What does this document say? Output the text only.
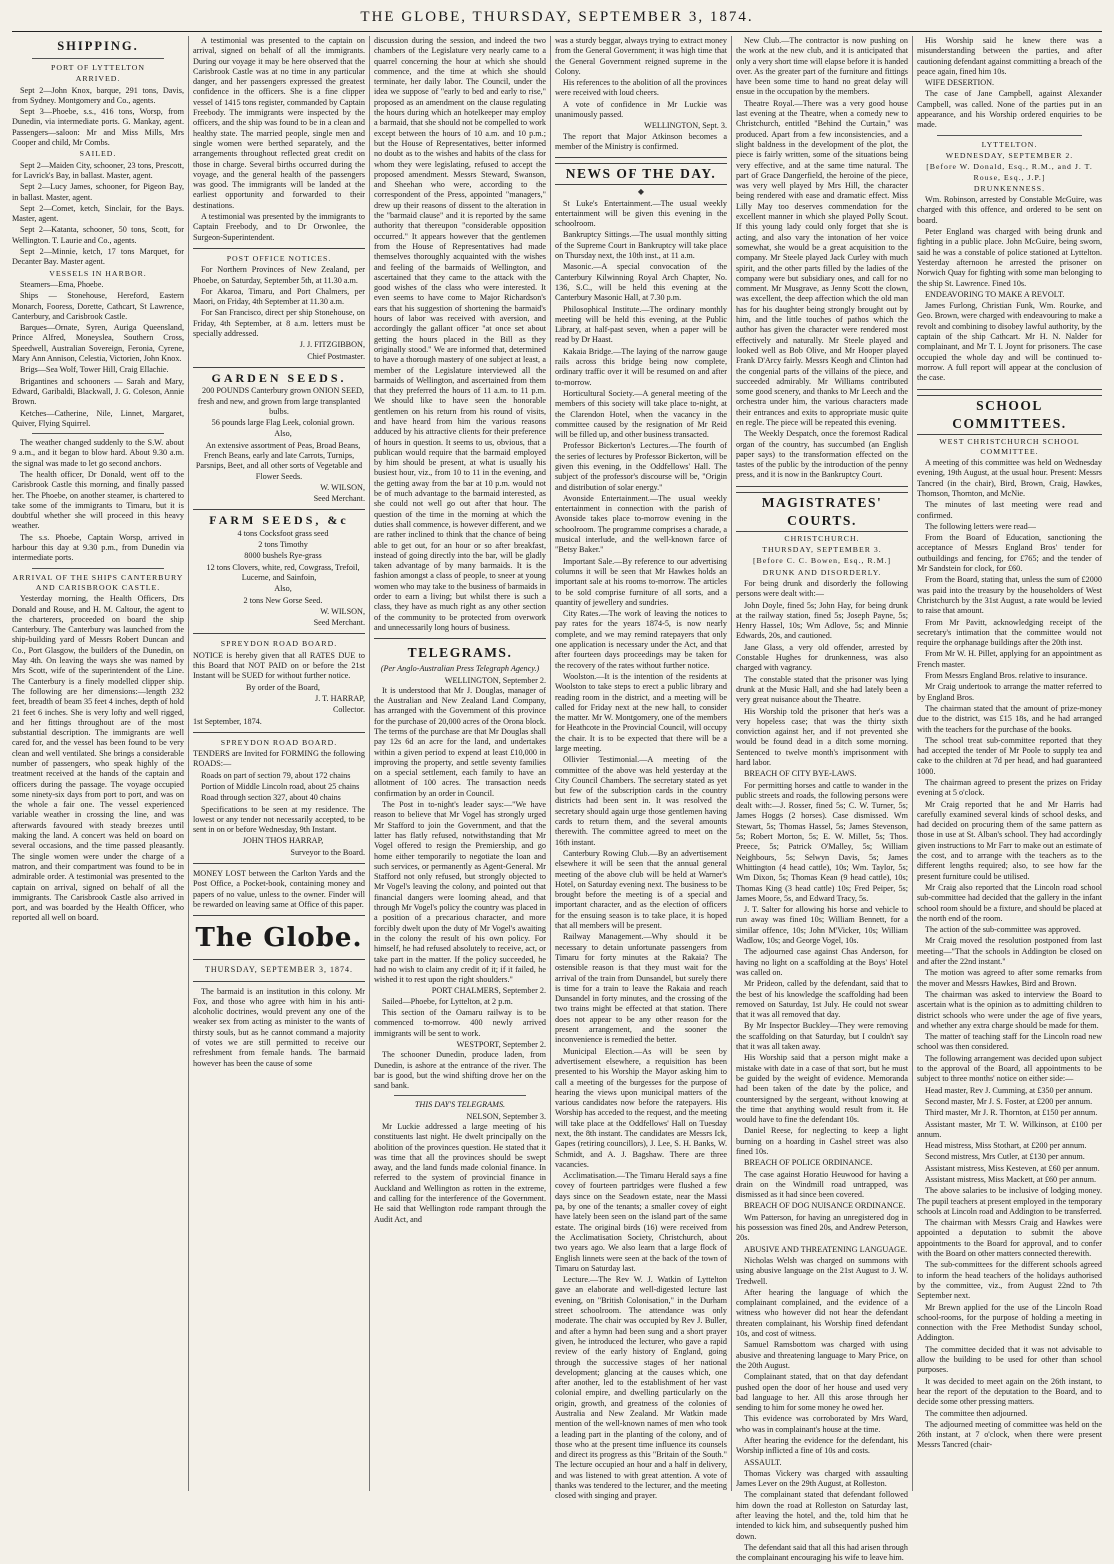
THE GLOBE, THURSDAY, SEPTEMBER 3, 1874.
SHIPPING.
PORT OF LYTTELTON
ARRIVED.

Sept 2—John Knox, barque, 291 tons, Davis, from Sydney. Montgomery and Co., agents.

Sept 3—Phoebe, s.s., 416 tons, Worsp, from Dunedin, via intermediate ports. G. Mankay, agent. Passengers—saloon: Mr and Miss Mills, Mrs Cooper and child, Mr Combs.

SAILED.

Sept 2—Maiden City, schooner, 23 tons, Prescott, for Lavrick's Bay, in ballast. Master, agent.

Sept 2—Lucy James, schooner, for Pigeon Bay, in ballast. Master, agent.

Sept 2—Comet, ketch, Sinclair, for the Bays. Master, agent.

Sept 2—Katanta, schooner, 50 tons, Scott, for Wellington. T. Laurie and Co., agents.

Sept 2—Minnie, ketch, 17 tons Marquet, for Decanter Bay. Master agent.

VESSELS IN HARBOR.

Steamers—Ema, Phoebe.

Ships — Stonehouse, Hereford, Eastern Monarch, Fooress, Dorette, Cathcart, St Lawrence, Canterbury, and Carisbrook Castle.

Barques—Ornate, Syren, Auriga Queensland, Prince Alfred, Moneyslea, Southern Cross, Speedwell, Australian Sovereign, Feronia, Cyrene, Mary Ann Annison, Celestia, Victorien, John Knox.

Brigs—Sea Wolf, Tower Hill, Craig Ellachie.

Brigantines and schooners — Sarah and Mary, Edward, Garibaldi, Blackwall, J. G. Coleson, Annie Brown.

Ketches—Catherine, Nile, Linnet, Margaret, Quiver, Flying Squirrel.

The weather changed suddenly to the S.W. about 9 a.m., and it began to blow hard. About 9.30 a.m. the signal was made to let go second anchors.

The health officer, Dr Donald, went off to the Carisbrook Castle this morning, and finally passed her. The Phoebe, on another steamer, is chartered to take some of the immigrants to Timaru, but it is doubtful whether she will proceed in this heavy weather.

The s.s. Phoebe, Captain Worsp, arrived in harbour this day at 9.30 p.m., from Dunedin via intermediate ports.

ARRIVAL OF THE SHIPS CANTERBURY AND CARISBROOK CASTLE.

Yesterday morning, the Health Officers, Drs Donald and Rouse, and H. M. Caltour, the agent to the charterers, proceeded on board the ship Canterbury. The Canterbury was launched from the ship-building yard of Messrs Robert Duncan and Co., Port Glasgow, the builders of the Dunedin, on May 4th. On leaving the ways she was named by Mrs Scott, wife of the superintendent of the Line. The Canterbury is a finely modelled clipper ship. The following are her dimensions:—length 232 feet, breadth of beam 35 feet 4 inches, depth of hold 21 feet 6 inches. She is very lofty and well rigged, and her fittings throughout are of the most substantial description. The immigrants are well cared for, and the vessel has been found to be very clean and well ventilated. She brings a considerable number of passengers, who speak highly of the treatment received at the hands of the captain and officers during the passage. The voyage occupied some ninety-six days from port to port, and was on the whole a fair one. The vessel experienced variable weather in crossing the line, and was afterwards favoured with steady breezes until making the land. A concert was held on board on several occasions, and the time passed pleasantly. The single women were under the charge of a matron, and their compartment was found to be in admirable order. A testimonial was presented to the captain on arrival, signed on behalf of all the immigrants. The Carisbrook Castle also arrived in port, and was boarded by the Health Officer, who reported all well on board.

A testimonial was presented to the captain on arrival, signed on behalf of all the immigrants. During our voyage it may be here observed that the Carisbrook Castle was at no time in any particular danger, and her passengers expressed the greatest confidence in the officers. She is a fine clipper vessel of 1415 tons register, commanded by Captain Freebody. The immigrants were inspected by the officers, and the ship was found to be in a clean and healthy state. The married people, single men and single women were berthed separately, and the arrangements throughout reflected great credit on those in charge. Several births occurred during the voyage, and the general health of the passengers was good. The immigrants will be landed at the earliest opportunity and forwarded to their destinations.

A testimonial was presented by the immigrants to Captain Freebody, and to Dr Orwonlee, the Surgeon-Superintendent.

POST OFFICE NOTICES.

For Northern Provinces of New Zealand, per Phoebe, on Saturday, September 5th, at 11.30 a.m.

For Akaroa, Timaru, and Port Chalmers, per Maori, on Friday, 4th September at 11.30 a.m.

For San Francisco, direct per ship Stonehouse, on Friday, 4th September, at 8 a.m. letters must be specially addressed.

J. J. FITZGIBBON,

Chief Postmaster.

GARDEN SEEDS.

200 POUNDS Canterbury grown ONION SEED, fresh and new, and grown from large transplanted bulbs.

56 pounds large Flag Leek, colonial grown.

Also,

An extensive assortment of Peas, Broad Beans, French Beans, early and late Carrots, Turnips, Parsnips, Beet, and all other sorts of Vegetable and Flower Seeds.

W. WILSON,

Seed Merchant.

FARM SEEDS, &c

4 tons Cocksfoot grass seed

2 tons Timothy

8000 bushels Rye-grass

12 tons Clovers, white, red, Cowgrass, Trefoil, Lucerne, and Sainfoin,

Also,

2 tons New Gorse Seed.

W. WILSON,

Seed Merchant.

SPREYDON ROAD BOARD.

NOTICE is hereby given that all RATES DUE to this Board that NOT PAID on or before the 21st Instant will be SUED for without further notice.

By order of the Board,

J. T. HARRAP,

Collector.

1st September, 1874.

SPREYDON ROAD BOARD.

TENDERS are Invited for FORMING the following ROADS:—

Roads on part of section 79, about 172 chains

Portion of Middle Lincoln road, about 25 chains

Road through section 327, about 40 chains

Specifications to be seen at my residence. The lowest or any tender not necessarily accepted, to be sent in on or before Wednesday, 9th Instant.

JOHN THOS HARRAP,

Surveyor to the Board.

MONEY LOST between the Carlton Yards and the Post Office, a Pocket-book, containing money and papers of no value, unless to the owner. Finder will be rewarded on leaving same at Office of this paper.

The Globe.
THURSDAY, SEPTEMBER 3, 1874.

The barmaid is an institution in this colony. Mr Fox, and those who agree with him in his anti-alcoholic doctrines, would prevent any one of the weaker sex from acting as minister to the wants of thirsty souls, but as he cannot command a majority of votes we are still permitted to receive our refreshment from female hands. The barmaid however has been the cause of some

discussion during the session, and indeed the two chambers of the Legislature very nearly came to a quarrel concerning the hour at which she should commence, and the time at which she should terminate, her daily labor. The Council, under the idea we suppose of "early to bed and early to rise," proposed as an amendment on the clause regulating the hours during which an hotelkeeper may employ a barmaid, that she should not be compelled to work except between the hours of 10 a.m. and 10 p.m.; but the House of Representatives, better informed no doubt as to the wishes and habits of the class for whom they were legislating, refused to accept the proposed amendment. Messrs Steward, Swanson, and Sheehan who were, according to the correspondent of the Press, appointed "managers," drew up their reasons of dissent to the alteration in the "barmaid clause" and it is reported by the same authority that thereupon "considerable opposition occurred." It appears however that the gentlemen from the House of Representatives had made themselves thoroughly acquainted with the wishes and feeling of the barmaids of Wellington, and ascertained that they came to the attack with the good wishes of the class who were interested. It even seems to have come to Major Richardson's ears that his suggestion of shortening the barmaid's hours of labor was received with aversion, and accordingly the gallant officer "at once set about getting the hours placed in the Bill as they originally stood." We are informed that, determined to have a thorough mastery of one subject at least, a member of the Legislature interviewed all the barmaids of Wellington, and ascertained from them that they preferred the hours of 11 a.m. to 11 p.m. We should like to have seen the honorable gentlemen on his return from his round of visits, and have heard from him the various reasons adduced by his attractive clients for their preference of hours in question. It seems to us, obvious, that a publican would require that the barmaid employed by him should be present, at what is usually his busiest hour, viz., from 10 to 11 in the evening, and the getting away from the bar at 10 p.m. would not be of much advantage to the barmaid interested, as she could not well go out after that hour. The question of the time in the morning at which the duties shall commence, is however different, and we are rather inclined to think that the chance of being able to get out, for an hour or so after breakfast, instead of going directly into the bar, will be gladly taken advantage of by many barmaids. It is the fashion amongst a class of people, to sneer at young women who may take to the business of barmaids in order to earn a living; but whilst there is such a class, they have as much right as any other section of the community to be protected from overwork and unnecessarily long hours of business.

TELEGRAMS.
(Per Anglo-Australian Press Telegraph Agency.)
WELLINGTON, September 2.

It is understood that Mr J. Douglas, manager of the Australian and New Zealand Land Company, has arranged with the Government of this province for the purchase of 20,000 acres of the Orona block. The terms of the purchase are that Mr Douglas shall pay 12s 6d an acre for the land, and undertakes within a given period to expend at least £10,000 in improving the property, and settle seventy families on a special settlement, each family to have an allotment of 100 acres. The transaction needs confirmation by an order in Council.

The Post in to-night's leader says:—"We have reason to believe that Mr Vogel has strongly urged Mr Stafford to join the Government, and that the latter has flatly refused, notwithstanding that Mr Vogel offered to resign the Premiership, and go home either temporarily to negotiate the loan and such services, or permanently as Agent-General. Mr Stafford not only refused, but strongly objected to Mr Vogel's leaving the colony, and pointed out that financial dangers were looming ahead, and that through Mr Vogel's policy the country was placed in a position of a precarious character, and more forcibly dwelt upon the duty of Mr Vogel's awaiting in the colony the result of his own policy. For himself, he had refused absolutely to receive, act, or take part in the matter. If the policy succeeded, he had no wish to claim any credit of it; if it failed, he wished it to rest upon the right shoulders."

PORT CHALMERS, September 2.

Sailed—Phoebe, for Lyttelton, at 2 p.m.

This section of the Oamaru railway is to be commenced to-morrow. 400 newly arrived immigrants will be sent to work.

WESTPORT, September 2.

The schooner Dunedin, produce laden, from Dunedin, is ashore at the entrance of the river. The bar is good, but the wind shifting drove her on the sand bank.

THIS DAY'S TELEGRAMS.
NELSON, September 3.

Mr Luckie addressed a large meeting of his constituents last night. He dwelt principally on the abolition of the provinces question. He stated that it was time that all the provinces should be swept away, and the land funds made colonial finance. In referred to the system of provincial finance in Auckland and Wellington as rotten in the extreme, and calling for the interference of the Government. He said that Wellington rode rampant through the Audit Act, and

was a sturdy beggar, always trying to extract money from the General Government; it was high time that the General Government reigned supreme in the Colony.

His references to the abolition of all the provinces were received with loud cheers.

A vote of confidence in Mr Luckie was unanimously passed.

WELLINGTON, Sept. 3.

The report that Major Atkinson becomes a member of the Ministry is confirmed.

NEWS OF THE DAY.
◆

St Luke's Entertainment.—The usual weekly entertainment will be given this evening in the schoolroom.

Bankruptcy Sittings.—The usual monthly sitting of the Supreme Court in Bankruptcy will take place on Thursday next, the 10th inst., at 11 a.m.

Masonic.—A special convocation of the Canterbury Kilwinning Royal Arch Chapter, No. 136, S.C., will be held this evening at the Canterbury Masonic Hall, at 7.30 p.m.

Philosophical Institute.—The ordinary monthly meeting will be held this evening, at the Public Library, at half-past seven, when a paper will be read by Dr Haast.

Kakaia Bridge.—The laying of the narrow gauge rails across this bridge being now complete, ordinary traffic over it will be resumed on and after to-morrow.

Horticultural Society.—A general meeting of the members of this society will take place to-night, at the Clarendon Hotel, when the vacancy in the committee caused by the resignation of Mr Reid will be filled up, and other business transacted.

Professor Bickerton's Lectures.—The fourth of the series of lectures by Professor Bickerton, will be given this evening, in the Oddfellows' Hall. The subject of the professor's discourse will be, "Origin and distribution of solar energy."

Avonside Entertainment.—The usual weekly entertainment in connection with the parish of Avonside takes place to-morrow evening in the schoolroom. The programme comprises a charade, a musical interlude, and the well-known farce of "Betsy Baker."

Important Sale.—By reference to our advertising columns it will be seen that Mr Hawkes holds an important sale at his rooms to-morrow. The articles to be sold comprise furniture of all sorts, and a quantity of jewellery and sundries.

City Rates.—The work of leaving the notices to pay rates for the years 1874-5, is now nearly complete, and we may remind ratepayers that only one application is necessary under the Act, and that after fourteen days proceedings may be taken for the recovery of the rates without further notice.

Woolston.—It is the intention of the residents at Woolston to take steps to erect a public library and reading room in the district, and a meeting will be called for Friday next at the new hall, to consider the matter. Mr W. Montgomery, one of the members for Heathcote in the Provincial Council, will occupy the chair. It is to be expected that there will be a large meeting.

Ollivier Testimonial.—A meeting of the committee of the above was held yesterday at the City Council Chambers. The secretary stated as yet but few of the subscription cards in the country districts had been sent in. It was resolved the secretary should again urge those gentlemen having cards to return them, and the several amounts therewith. The committee agreed to meet on the 16th instant.

Canterbury Rowing Club.—By an advertisement elsewhere it will be seen that the annual general meeting of the above club will be held at Warner's Hotel, on Saturday evening next. The business to be brought before the meeting is of a special and important character, and as the election of officers for the ensuing season is to take place, it is hoped that all members will be present.

Railway Management.—Why should it be necessary to detain unfortunate passengers from Timaru for forty minutes at the Rakaia? The ostensible reason is that they must wait for the arrival of the train from Dunsandel, but surely there is time for a train to leave the Rakaia and reach Dunsandel in forty minutes, and the crossing of the two trains might be effected at that station. There does not appear to be any other reason for the present arrangement, and the sooner the inconvenience is remedied the better.

Municipal Election.—As will be seen by advertisement elsewhere, a requisition has been presented to his Worship the Mayor asking him to call a meeting of the burgesses for the purpose of hearing the views upon municipal matters of the various candidates now before the ratepayers. His Worship has acceded to the request, and the meeting will take place at the Oddfellows' Hall on Tuesday next, the 8th instant. The candidates are Messrs Ick, Gapes (retiring councillors), J. Lee, S. H. Banks, W. Schmidt, and A. J. Bagshaw. There are three vacancies.

Acclimatisation.—The Timaru Herald says a fine covey of fourteen partridges were flushed a few days since on the Seadown estate, near the Massi pa, by one of the tenants; a smaller covey of eight have lately been seen on the island part of the same estate. The original birds (16) were received from the Acclimatisation Society, Christchurch, about two years ago. We also learn that a large flock of English linnets were seen at the back of the town of Timaru on Saturday last.

Lecture.—The Rev W. J. Watkin of Lyttelton gave an elaborate and well-digested lecture last evening, on "British Colonisation," in the Durham street schoolroom. The attendance was only moderate. The chair was occupied by Rev J. Buller, and after a hymn had been sung and a short prayer given, he introduced the lecturer, who gave a rapid review of the early history of England, going through the successive stages of her national development; glancing at the causes which, one after another, led to the establishment of her vast colonial empire, and dwelling particularly on the origin, growth, and greatness of the colonies of Australia and New Zealand. Mr Watkin made mention of the well-known names of men who took a leading part in the planting of the colony, and of those who at the present time influence its counsels and direct its progress as this "Britain of the South." The lecture occupied an hour and a half in delivery, and was listened to with great attention. A vote of thanks was tendered to the lecturer, and the meeting closed with singing and prayer.

New Club.—The contractor is now pushing on the work at the new club, and it is anticipated that only a very short time will elapse before it is handed over. As the greater part of the furniture and fittings have been some time to hand no great delay will ensue in the occupation by the members.

Theatre Royal.—There was a very good house last evening at the Theatre, when a comedy new to Christchurch, entitled "Behind the Curtain," was produced. Apart from a few inconsistencies, and a slight baldness in the development of the plot, the piece is fairly written, some of the situations being very effective, and at the same time natural. The part of Grace Dangerfield, the heroine of the piece, was very well played by Mrs Hill, the character being rendered with ease and dramatic effect. Miss Lilly May too deserves commendation for the excellent manner in which she played Polly Scout. If this young lady could only forget that she is acting, and also vary the intonation of her voice somewhat, she would be a great acquisition to the company. Mr Steele played Jack Curley with much spirit, and the other parts filled by the ladies of the company were but subsidiary ones, and call for no comment. Mr Musgrave, as Jenny Scott the clown, was excellent, the deep affection which the old man has for his daughter being strongly brought out by him, and the little touches of pathos which the author has given the character were rendered most effectively and naturally. Mr Steele played and looked well as Bob Olive, and Mr Hooper played Frank D'Arcy fairly. Messrs Keogh and Clinton had the congenial parts of the villains of the piece, and succeeded admirably. Mr Williams contributed some good scenery, and thanks to Mr Leech and the orchestra under him, the various characters made their entrances and exits to appropriate music quite en regle. The piece will be repeated this evening.

The Weekly Despatch, once the foremost Radical organ of the country, has succumbed (an English paper says) to the transformation effected on the tastes of the public by the introduction of the penny press, and it is now in the Bankruptcy Court.

MAGISTRATES' COURTS.
CHRISTCHURCH.
THURSDAY, SEPTEMBER 3.
[Before C. C. Bowen, Esq., R.M.]
DRUNK AND DISORDERLY.

For being drunk and disorderly the following persons were dealt with:—

John Doyle, fined 5s; John Hay, for being drunk at the railway station, fined 5s; Joseph Payne, 5s; Henry Hassel, 10s; Wm Adlove, 5s; and Minnie Edwards, 20s, and cautioned.

Jane Glass, a very old offender, arrested by Constable Hughes for drunkenness, was also charged with vagrancy.

The constable stated that the prisoner was lying drunk at the Music Hall, and she had lately been a very great nuisance about the Theatre.

His Worship told the prisoner that her's was a very hopeless case; that was the thirty sixth conviction against her, and if not prevented she would be found dead in a ditch some morning. Sentenced to twelve month's imprisonment with hard labor.

BREACH OF CITY BYE-LAWS.

For permitting horses and cattle to wander in the public streets and roads, the following persons were dealt with:—J. Rosser, fined 5s; C. W. Turner, 5s; James Hoggs (2 horses). Case dismissed. Wm Stewart, 5s; Thomas Hassel, 5s; James Stevenson, 5s; Robert Morton, 5s; E. W. Millet, 5s; Thos. Preece, 5s; Patrick O'Malley, 5s; William Neighbours, 5s; Selwyn Davis, 5s; James Whittington (4 head cattle), 10s; Wm. Taylor, 5s; Wm Dixon, 5s; Thomas Kean (9 head cattle), 10s; Thomas King (3 head cattle) 10s; Fred Peiper, 5s; James Moore, 5s, and Edward Tracy, 5s.

J. T. Salter for allowing his horse and vehicle to run away was fined 10s; William Bennett, for a similar offence, 10s; John M'Vicker, 10s; William Wadlow, 10s; and George Vogel, 10s.

The adjourned case against Chas Anderson, for having no light on a scaffolding at the Boys' Hotel was called on.

Mr Prideon, called by the defendant, said that to the best of his knowledge the scaffolding had been removed on Saturday, 1st July. He could not swear that it was all removed that day.

By Mr Inspector Buckley—They were removing the scaffolding on that Saturday, but I couldn't say that it was all taken away.

His Worship said that a person might make a mistake with date in a case of that sort, but he must be guided by the weight of evidence. Memoranda had been taken of the date by the police, and countersigned by the sergeant, without knowing at the time that anything would result from it. He would have to fine the defendant 10s.

Daniel Reese, for neglecting to keep a light burning on a hoarding in Cashel street was also fined 10s.

BREACH OF POLICE ORDINANCE.

The case against Horatio Heuwood for having a drain on the Windmill road untrapped, was dismissed as it had since been covered.

BREACH OF DOG NUISANCE ORDINANCE.

Wm Patterson, for having an unregistered dog in his possession was fined 20s, and Andrew Peterson, 20s.

ABUSIVE AND THREATENING LANGUAGE.

Nicholas Welsh was charged on summons with using abusive language on the 21st August to J. W. Tredwell.

After hearing the language of which the complainant complained, and the evidence of a witness who however did not hear the defendant threaten complainant, his Worship fined defendant 10s, and cost of witness.

Samuel Ramsbottom was charged with using abusive and threatening language to Mary Price, on the 20th August.

Complainant stated, that on that day defendant pushed open the door of her house and used very bad language to her. All this arose through her sending to him for some money he owed her.

This evidence was corroborated by Mrs Ward, who was in complainant's house at the time.

After hearing the evidence for the defendant, his Worship inflicted a fine of 10s and costs.

ASSAULT.

Thomas Vickery was charged with assaulting James Lever on the 29th August, at Rolleston.

The complainant stated that defendant followed him down the road at Rolleston on Saturday last, after leaving the hotel, and the, told him that he intended to kick him, and subsequently pushed him down.

The defendant said that all this had arisen through the complainant encouraging his wife to leave him.

His Worship said he knew there was a misunderstanding between the parties, and after cautioning defendant against committing a breach of the peace again, fined him 10s.

WIFE DESERTION.

The case of Jane Campbell, against Alexander Campbell, was called. None of the parties put in an appearance, and his Worship ordered enquiries to be made.

LYTTELTON.
WEDNESDAY, SEPTEMBER 2.
[Before W. Donald, Esq., R.M., and J. T. Rouse, Esq., J.P.]
DRUNKENNESS.

Wm. Robinson, arrested by Constable McGuire, was charged with this offence, and ordered to be sent on board.

Peter England was charged with being drunk and fighting in a public place. John McGuire, being sworn, said he was a constable of police stationed at Lyttelton. Yesterday afternoon he arrested the prisoner on Norwich Quay for fighting with some man belonging to the ship St. Lawrence. Fined 10s.

ENDEAVORING TO MAKE A REVOLT.

James Furlong, Christian Funk, Wm. Rourke, and Geo. Brown, were charged with endeavouring to make a revolt and combining to disobey lawful authority, by the captain of the ship Cathcart. Mr H. N. Nalder for complainant, and Mr T. I. Joynt for prisoners. The case occupied the whole day and will be continued to-morrow. A full report will appear at the conclusion of the case.

SCHOOL COMMITTEES.
WEST CHRISTCHURCH SCHOOL COMMITTEE.

A meeting of this committee was held on Wednesday evening, 19th August, at the usual hour. Present: Messrs Tancred (in the chair), Bird, Brown, Craig, Hawkes, Thomson, Thornton, and McNie.

The minutes of last meeting were read and confirmed.

The following letters were read—

From the Board of Education, sanctioning the acceptance of Messrs England Bros' tender for outbuildings and fencing, for £765; and the tender of Mr Sandstein for clock, for £60.

From the Board, stating that, unless the sum of £2000 was paid into the treasury by the householders of West Christchurch by the 31st August, a rate would be levied to raise that amount.

From Mr Pavitt, acknowledging receipt of the secretary's intimation that the committee would not require the orphanage buildings after the 20th inst.

From Mr W. H. Pillet, applying for an appointment as French master.

From Messrs England Bros. relative to insurance.

Mr Craig undertook to arrange the matter referred to by England Bros.

The chairman stated that the amount of prize-money due to the district, was £15 18s, and he had arranged with the teachers for the purchase of the books.

The school treat sub-committee reported that they had accepted the tender of Mr Poole to supply tea and cake to the children at 7d per head, and had guaranteed 1000.

The chairman agreed to present the prizes on Friday evening at 5 o'clock.

Mr Craig reported that he and Mr Harris had carefully examined several kinds of school desks, and had decided on procuring them of the same pattern as those in use at St. Alban's school. They had accordingly given instructions to Mr Farr to make out an estimate of the cost, and to arrange with the teachers as to the different lengths required; also, to see how far the present furniture could be utilised.

Mr Craig also reported that the Lincoln road school sub-committee had decided that the gallery in the infant school room should be a fixture, and should be placed at the north end of the room.

The action of the sub-committee was approved.

Mr Craig moved the resolution postponed from last meeting—"That the schools in Addington be closed on and after the 22nd instant."

The motion was agreed to after some remarks from the mover and Messrs Hawkes, Bird and Brown.

The chairman was asked to interview the Board to ascertain what is the opinion as to admitting children to district schools who were under the age of five years, and whether any extra charge should be made for them.

The matter of teaching staff for the Lincoln road new school was then considered.

The following arrangement was decided upon subject to the approval of the Board, all appointments to be subject to three months' notice on either side:—

Head master, Rev J. Cumming, at £350 per annum.

Second master, Mr J. S. Foster, at £200 per annum.

Third master, Mr J. R. Thornton, at £150 per annum.

Assistant master, Mr T. W. Wilkinson, at £100 per annum.

Head mistress, Miss Stothart, at £200 per annum.

Second mistress, Mrs Cutler, at £130 per annum.

Assistant mistress, Miss Kesteven, at £60 per annum.

Assistant mistress, Miss Mackett, at £60 per annum.

The above salaries to be inclusive of lodging money. The pupil teachers at present employed in the temporary schools at Lincoln road and Addington to be transferred.

The chairman with Messrs Craig and Hawkes were appointed a deputation to submit the above appointments to the Board for approval, and to confer with the Board on other matters connected therewith.

The sub-committees for the different schools agreed to inform the head teachers of the holidays authorised by the committee, viz., from August 22nd to 7th September next.

Mr Brewn applied for the use of the Lincoln Road school-rooms, for the purpose of holding a meeting in connection with the Free Methodist Sunday school, Addington.

The committee decided that it was not advisable to allow the building to be used for other than school purposes.

It was decided to meet again on the 26th instant, to hear the report of the deputation to the Board, and to decide some other pressing matters.

The committee then adjourned.

The adjourned meeting of committee was held on the 26th instant, at 7 o'clock, when there were present Messrs Tancred (chair-
